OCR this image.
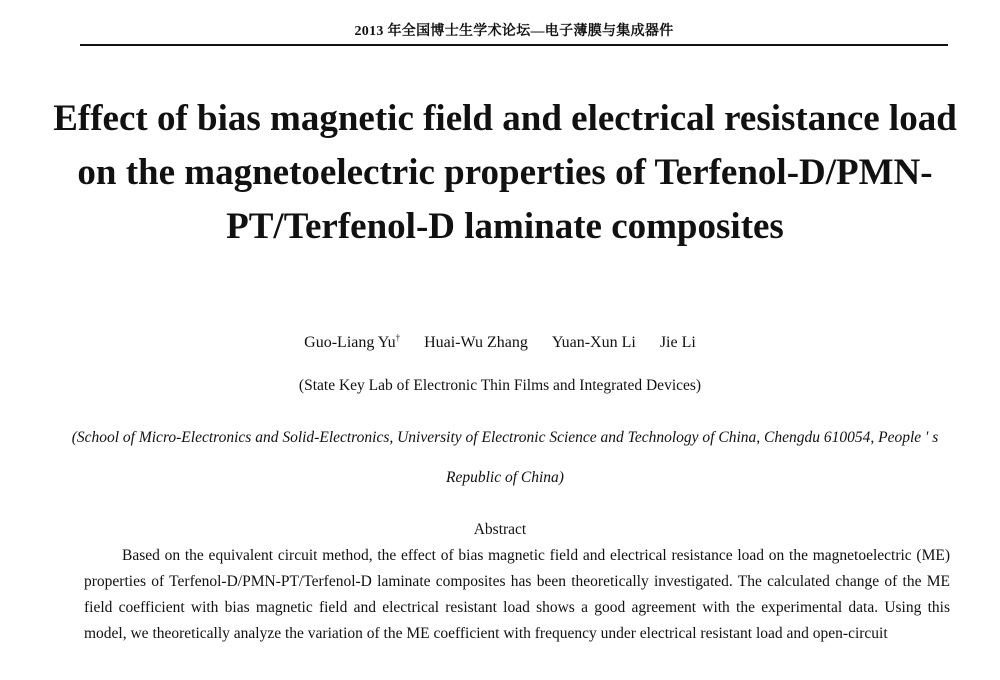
2013 年全国博士生学术论坛—电子薄膜与集成器件
Effect of bias magnetic field and electrical resistance load on the magnetoelectric properties of Terfenol-D/PMN-PT/Terfenol-D laminate composites
Guo-Liang Yu† Huai-Wu Zhang Yuan-Xun Li Jie Li
(State Key Lab of Electronic Thin Films and Integrated Devices)
(School of Micro-Electronics and Solid-Electronics, University of Electronic Science and Technology of China, Chengdu 610054, People ′ s Republic of China)
Abstract

Based on the equivalent circuit method, the effect of bias magnetic field and electrical resistance load on the magnetoelectric (ME) properties of Terfenol-D/PMN-PT/Terfenol-D laminate composites has been theoretically investigated. The calculated change of the ME field coefficient with bias magnetic field and electrical resistant load shows a good agreement with the experimental data. Using this model, we theoretically analyze the variation of the ME coefficient with frequency under electrical resistant load and open-circuit
